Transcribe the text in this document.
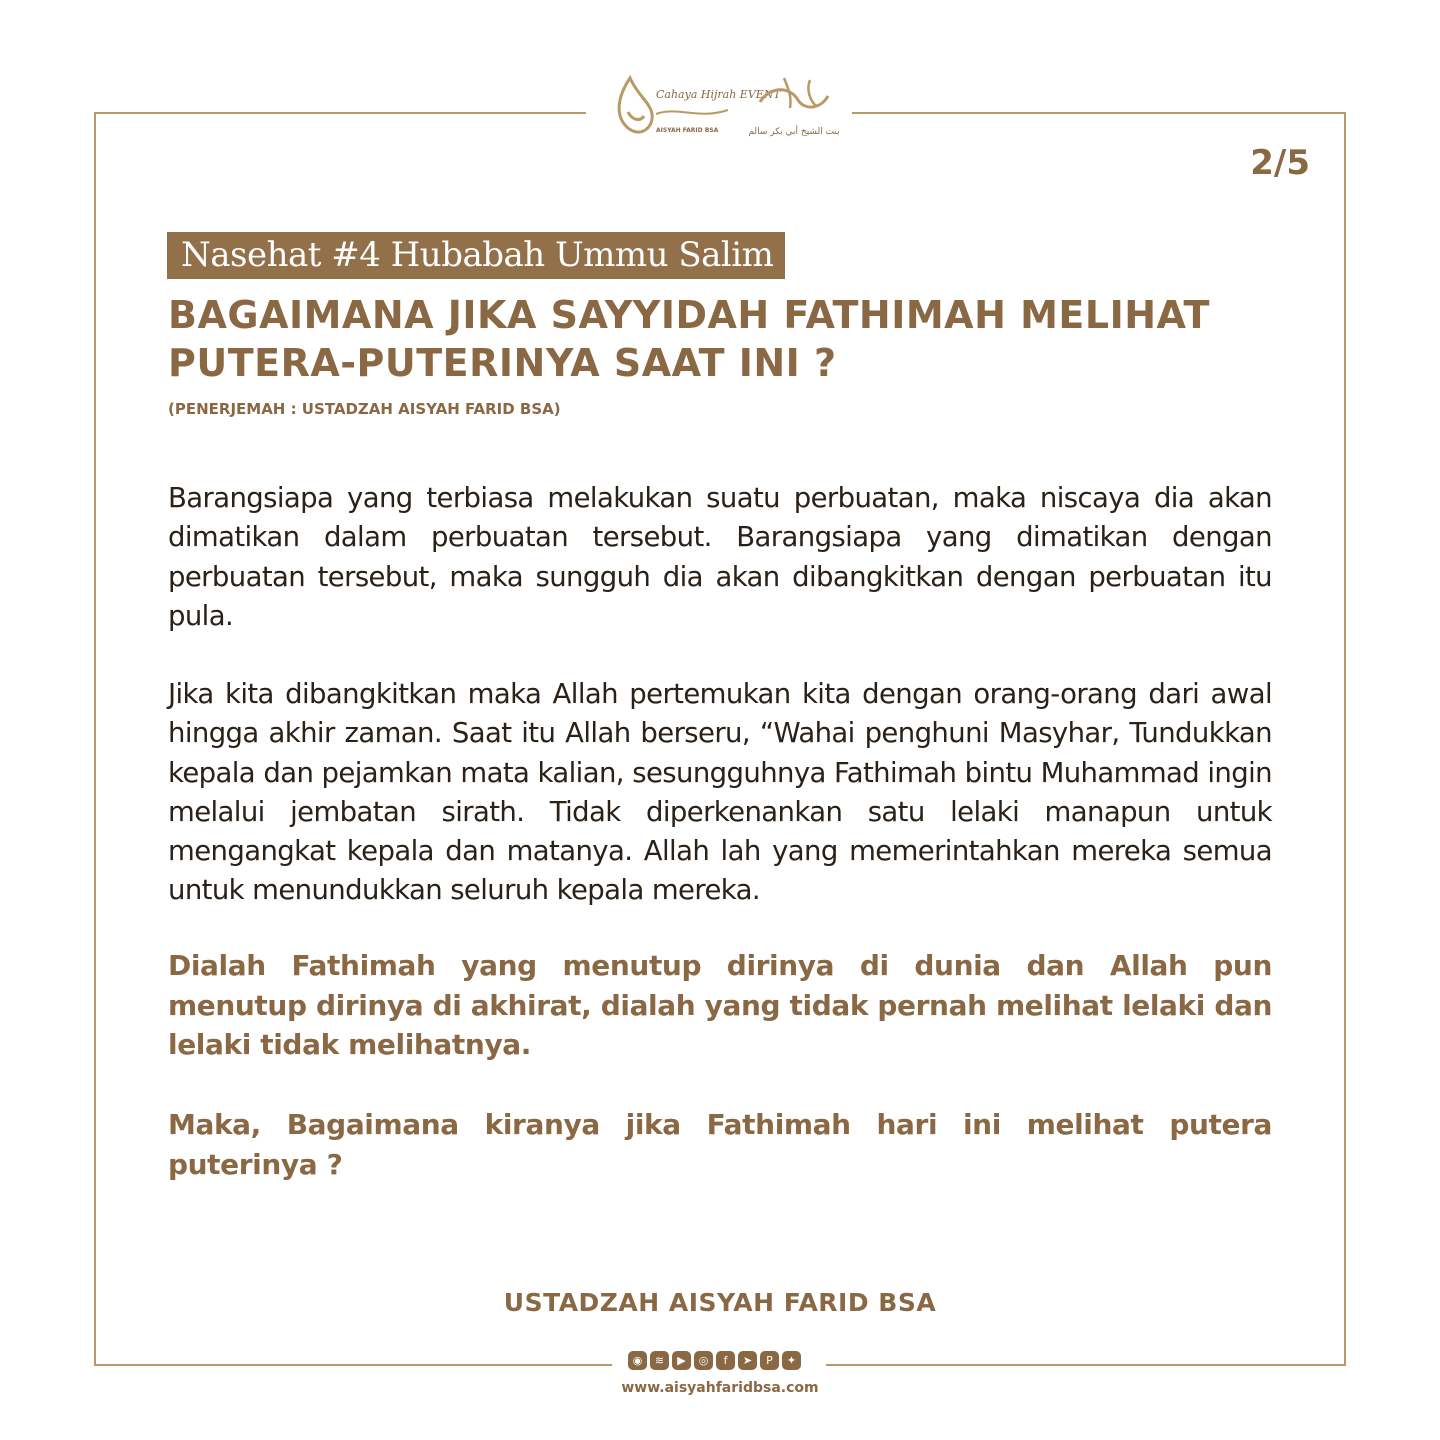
Cahaya Hijrah EVENT
AISYAH FARID BSA	بنت الشيخ أبي بكر سالم
2/5
Nasehat #4 Hubabah Ummu Salim
BAGAIMANA JIKA SAYYIDAH FATHIMAH MELIHAT PUTERA-PUTERINYA SAAT INI ?
(PENERJEMAH : USTADZAH AISYAH FARID BSA)

Barangsiapa yang terbiasa melakukan suatu perbuatan, maka niscaya dia akan dimatikan dalam perbuatan tersebut. Barangsiapa yang dimatikan dengan perbuatan tersebut, maka sungguh dia akan dibangkitkan dengan perbuatan itu pula.

Jika kita dibangkitkan maka Allah pertemukan kita dengan orang-orang dari awal hingga akhir zaman. Saat itu Allah berseru, “Wahai penghuni Masyhar, Tundukkan kepala dan pejamkan mata kalian, sesungguhnya Fathimah bintu Muhammad ingin melalui jembatan sirath. Tidak diperkenankan satu lelaki manapun untuk mengangkat kepala dan matanya. Allah lah yang memerintahkan mereka semua untuk menundukkan seluruh kepala mereka.

Dialah Fathimah yang menutup dirinya di dunia dan Allah pun menutup dirinya di akhirat, dialah yang tidak pernah melihat lelaki dan lelaki tidak melihatnya.

Maka, Bagaimana kiranya jika Fathimah hari ini melihat putera puterinya ?

USTADZAH AISYAH FARID BSA
◉	≋	▶	◎	f	➤	P	✦
www.aisyahfaridbsa.com
